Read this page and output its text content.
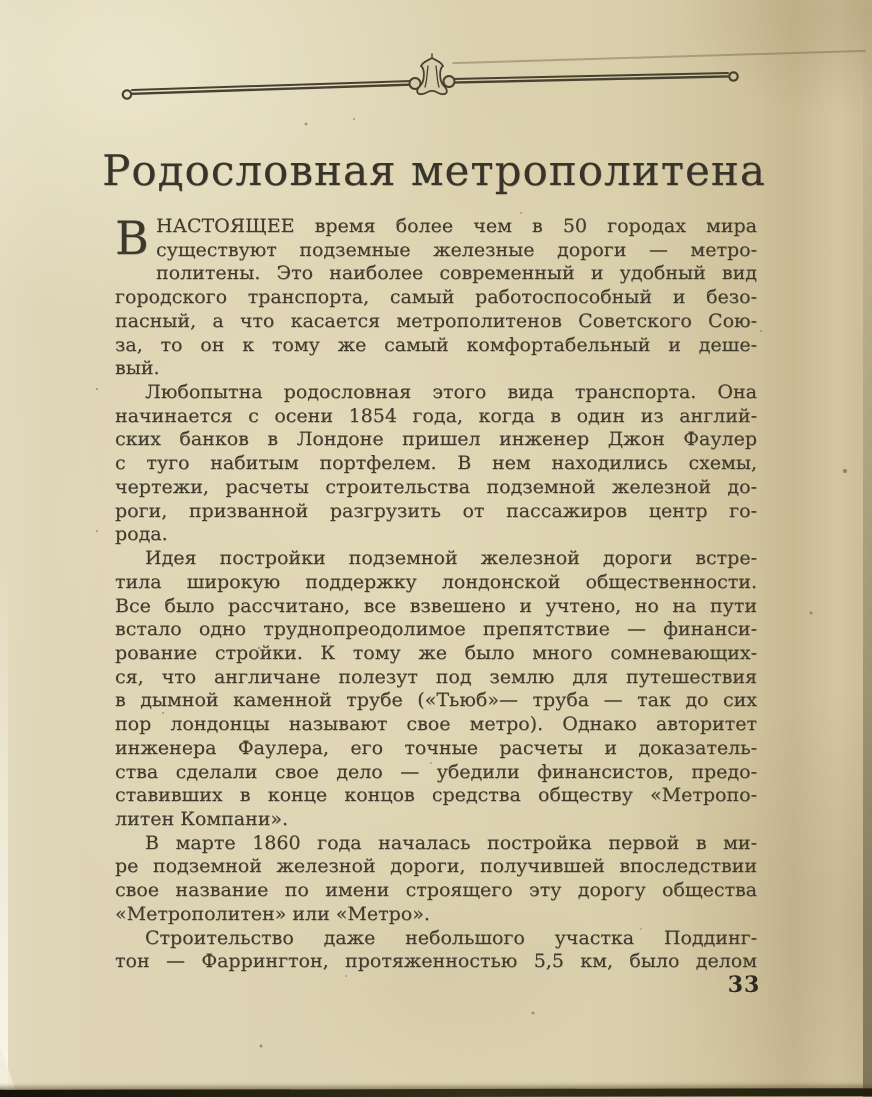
Родословная метрополитена
В НАСТОЯЩЕЕ время более чем в 50 городах мира
существуют подземные железные дороги — метро-
политены. Это наиболее современный и удобный вид
городского транспорта, самый работоспособный и безо-
пасный, а что касается метрополитенов Советского Сою-
за, то он к тому же самый комфортабельный и деше-
вый.
Любопытна родословная этого вида транспорта. Она
начинается с осени 1854 года, когда в один из англий-
ских банков в Лондоне пришел инженер Джон Фаулер
с туго набитым портфелем. В нем находились схемы,
чертежи, расчеты строительства подземной железной до-
роги, призванной разгрузить от пассажиров центр го-
рода.
Идея постройки подземной железной дороги встре-
тила широкую поддержку лондонской общественности.
Все было рассчитано, все взвешено и учтено, но на пути
встало одно труднопреодолимое препятствие — финанси-
рование стройки. К тому же было много сомневающих-
ся, что англичане полезут под землю для путешествия
в дымной каменной трубе («Тьюб»— труба — так до сих
пор лондонцы называют свое метро). Однако авторитет
инженера Фаулера, его точные расчеты и доказатель-
ства сделали свое дело — убедили финансистов, предо-
ставивших в конце концов средства обществу «Метропо-
литен Компани».
В марте 1860 года началась постройка первой в ми-
ре подземной железной дороги, получившей впоследствии
свое название по имени строящего эту дорогу общества
«Метрополитен» или «Метро».
Строительство даже небольшого участка Поддинг-
тон — Фаррингтон, протяженностью 5,5 км, было делом
33
